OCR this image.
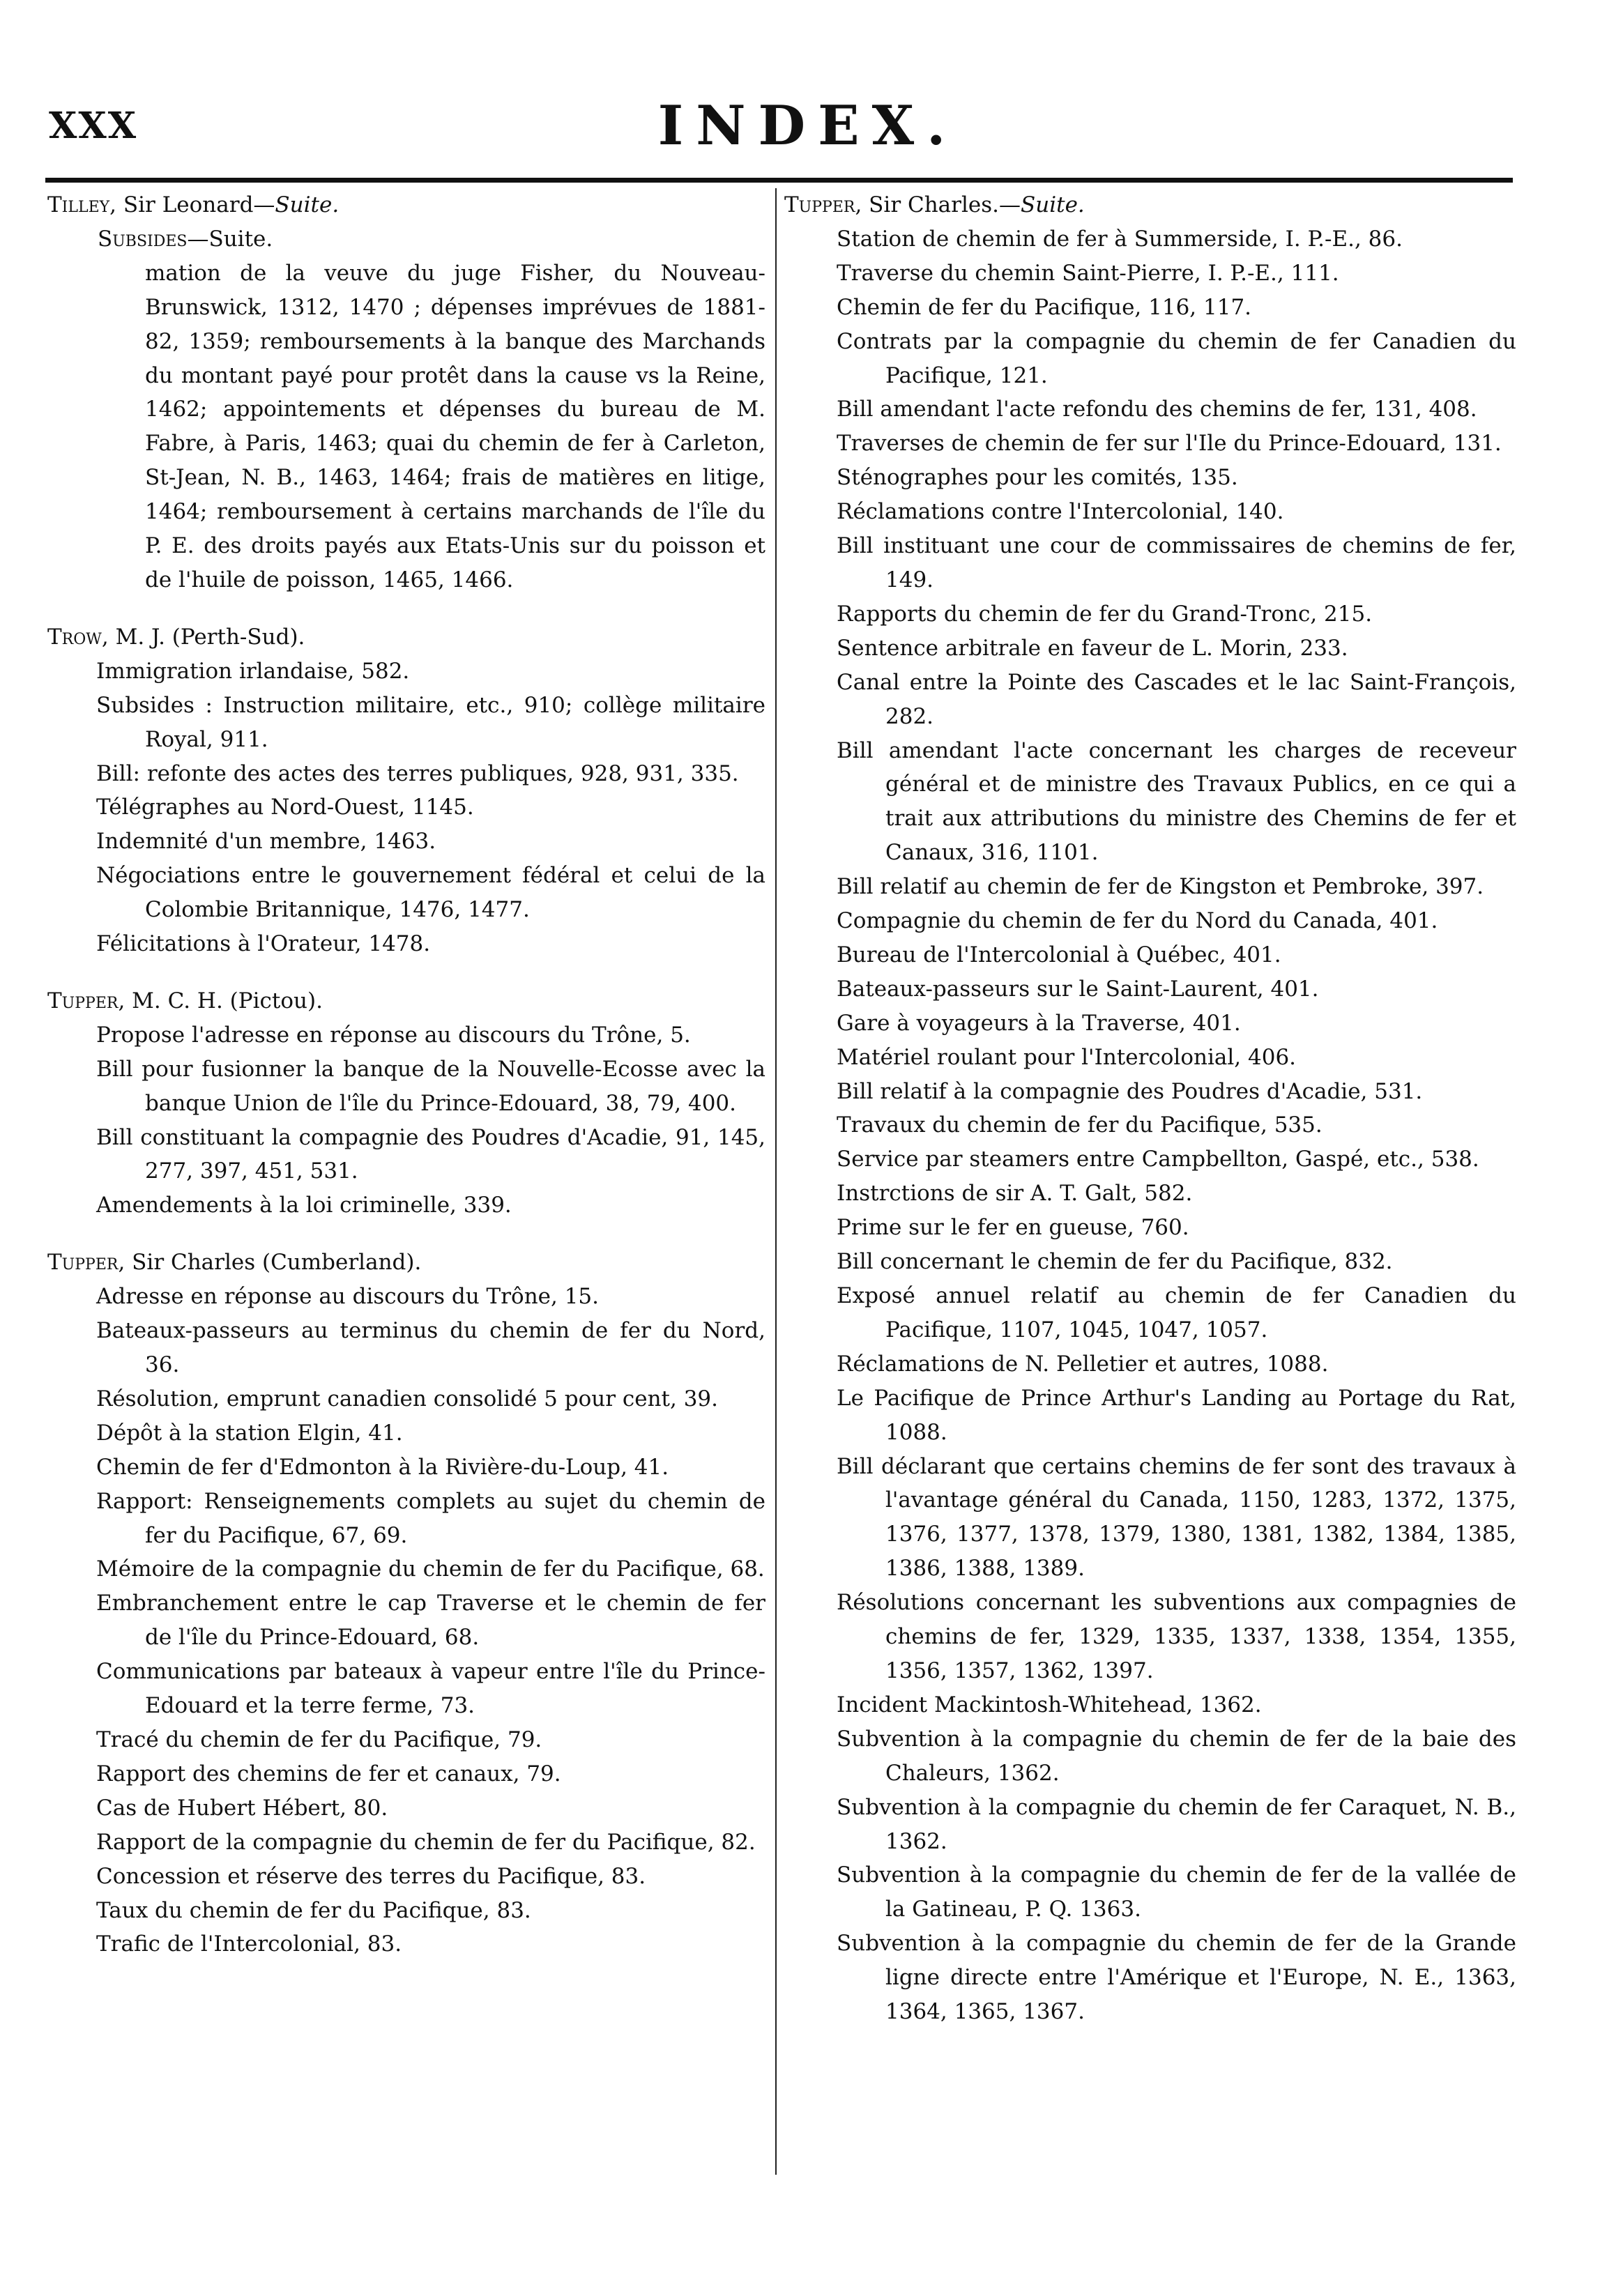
XXX	INDEX.
Tilley, Sir Leonard—Suite.
Subsides—Suite.
mation de la veuve du juge Fisher, du Nouveau-Brunswick, 1312, 1470 ; dépenses imprévues de 1881-82, 1359; remboursements à la banque des Marchands du montant payé pour protêt dans la cause vs la Reine, 1462; appointements et dépenses du bureau de M. Fabre, à Paris, 1463; quai du chemin de fer à Carleton, St-Jean, N. B., 1463, 1464; frais de matières en litige, 1464; remboursement à certains marchands de l'île du P. E. des droits payés aux Etats-Unis sur du poisson et de l'huile de poisson, 1465, 1466.
Trow, M. J. (Perth-Sud).
Immigration irlandaise, 582.
Subsides : Instruction militaire, etc., 910; collège militaire Royal, 911.
Bill: refonte des actes des terres publiques, 928, 931, 335.
Télégraphes au Nord-Ouest, 1145.
Indemnité d'un membre, 1463.
Négociations entre le gouvernement fédéral et celui de la Colombie Britannique, 1476, 1477.
Félicitations à l'Orateur, 1478.
Tupper, M. C. H. (Pictou).
Propose l'adresse en réponse au discours du Trône, 5.
Bill pour fusionner la banque de la Nouvelle-Ecosse avec la banque Union de l'île du Prince-Edouard, 38, 79, 400.
Bill constituant la compagnie des Poudres d'Acadie, 91, 145, 277, 397, 451, 531.
Amendements à la loi criminelle, 339.
Tupper, Sir Charles (Cumberland).
Adresse en réponse au discours du Trône, 15.
Bateaux-passeurs au terminus du chemin de fer du Nord, 36.
Résolution, emprunt canadien consolidé 5 pour cent, 39.
Dépôt à la station Elgin, 41.
Chemin de fer d'Edmonton à la Rivière-du-Loup, 41.
Rapport: Renseignements complets au sujet du chemin de fer du Pacifique, 67, 69.
Mémoire de la compagnie du chemin de fer du Pacifique, 68.
Embranchement entre le cap Traverse et le chemin de fer de l'île du Prince-Edouard, 68.
Communications par bateaux à vapeur entre l'île du Prince-Edouard et la terre ferme, 73.
Tracé du chemin de fer du Pacifique, 79.
Rapport des chemins de fer et canaux, 79.
Cas de Hubert Hébert, 80.
Rapport de la compagnie du chemin de fer du Pacifique, 82.
Concession et réserve des terres du Pacifique, 83.
Taux du chemin de fer du Pacifique, 83.
Trafic de l'Intercolonial, 83.
Tupper, Sir Charles.—Suite.
Station de chemin de fer à Summerside, I. P.-E., 86.
Traverse du chemin Saint-Pierre, I. P.-E., 111.
Chemin de fer du Pacifique, 116, 117.
Contrats par la compagnie du chemin de fer Canadien du Pacifique, 121.
Bill amendant l'acte refondu des chemins de fer, 131, 408.
Traverses de chemin de fer sur l'Ile du Prince-Edouard, 131.
Sténographes pour les comités, 135.
Réclamations contre l'Intercolonial, 140.
Bill instituant une cour de commissaires de chemins de fer, 149.
Rapports du chemin de fer du Grand-Tronc, 215.
Sentence arbitrale en faveur de L. Morin, 233.
Canal entre la Pointe des Cascades et le lac Saint-François, 282.
Bill amendant l'acte concernant les charges de receveur général et de ministre des Travaux Publics, en ce qui a trait aux attributions du ministre des Chemins de fer et Canaux, 316, 1101.
Bill relatif au chemin de fer de Kingston et Pembroke, 397.
Compagnie du chemin de fer du Nord du Canada, 401.
Bureau de l'Intercolonial à Québec, 401.
Bateaux-passeurs sur le Saint-Laurent, 401.
Gare à voyageurs à la Traverse, 401.
Matériel roulant pour l'Intercolonial, 406.
Bill relatif à la compagnie des Poudres d'Acadie, 531.
Travaux du chemin de fer du Pacifique, 535.
Service par steamers entre Campbellton, Gaspé, etc., 538.
Instrctions de sir A. T. Galt, 582.
Prime sur le fer en gueuse, 760.
Bill concernant le chemin de fer du Pacifique, 832.
Exposé annuel relatif au chemin de fer Canadien du Pacifique, 1107, 1045, 1047, 1057.
Réclamations de N. Pelletier et autres, 1088.
Le Pacifique de Prince Arthur's Landing au Portage du Rat, 1088.
Bill déclarant que certains chemins de fer sont des travaux à l'avantage général du Canada, 1150, 1283, 1372, 1375, 1376, 1377, 1378, 1379, 1380, 1381, 1382, 1384, 1385, 1386, 1388, 1389.
Résolutions concernant les subventions aux compagnies de chemins de fer, 1329, 1335, 1337, 1338, 1354, 1355, 1356, 1357, 1362, 1397.
Incident Mackintosh-Whitehead, 1362.
Subvention à la compagnie du chemin de fer de la baie des Chaleurs, 1362.
Subvention à la compagnie du chemin de fer Caraquet, N. B., 1362.
Subvention à la compagnie du chemin de fer de la vallée de la Gatineau, P. Q. 1363.
Subvention à la compagnie du chemin de fer de la Grande ligne directe entre l'Amérique et l'Europe, N. E., 1363, 1364, 1365, 1367.
